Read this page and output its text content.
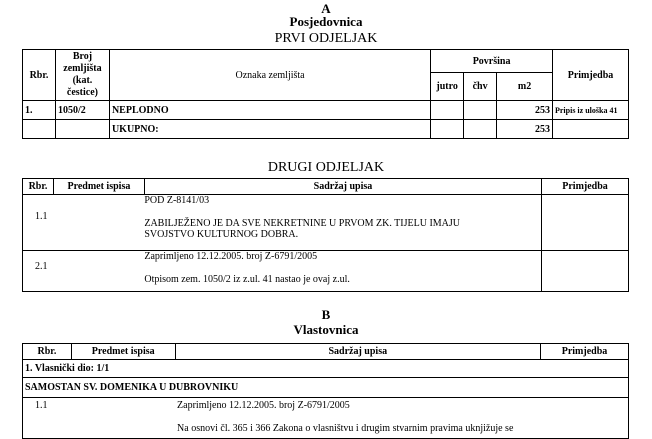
A
Posjedovnica
PRVI ODJELJAK
Rbr.	Broj zemljišta (kat. čestice)	Oznaka zemljišta	Površina			Primjedba
			jutro	čhv	m2	
1.	1050/2	NEPLODNO			253	Pripis iz uloška 41
		UKUPNO:			253	
DRUGI ODJELJAK
Rbr.	Predmet ispisa	Sadržaj upisa	Primjedba

1.1		POD Z-8141/03
ZABILJEŽENO JE DA SVE NEKRETNINE U PRVOM ZK. TIJELU IMAJU
SVOJSTVO KULTURNOG DOBRA.	

2.1		Zaprimljeno 12.12.2005. broj Z-6791/2005
Otpisom zem. 1050/2 iz z.ul. 41 nastao je ovaj z.ul.	

B
Vlastovnica
Rbr.	Predmet ispisa	Sadržaj upisa	Primjedba
1. Vlasnički dio: 1/1			
SAMOSTAN SV. DOMENIKA U DUBROVNIKU			

1.1		Zaprimljeno 12.12.2005. broj Z-6791/2005
Na osnovi čl. 365 i 366 Zakona o vlasništvu i drugim stvarnim pravima uknjižuje se	
